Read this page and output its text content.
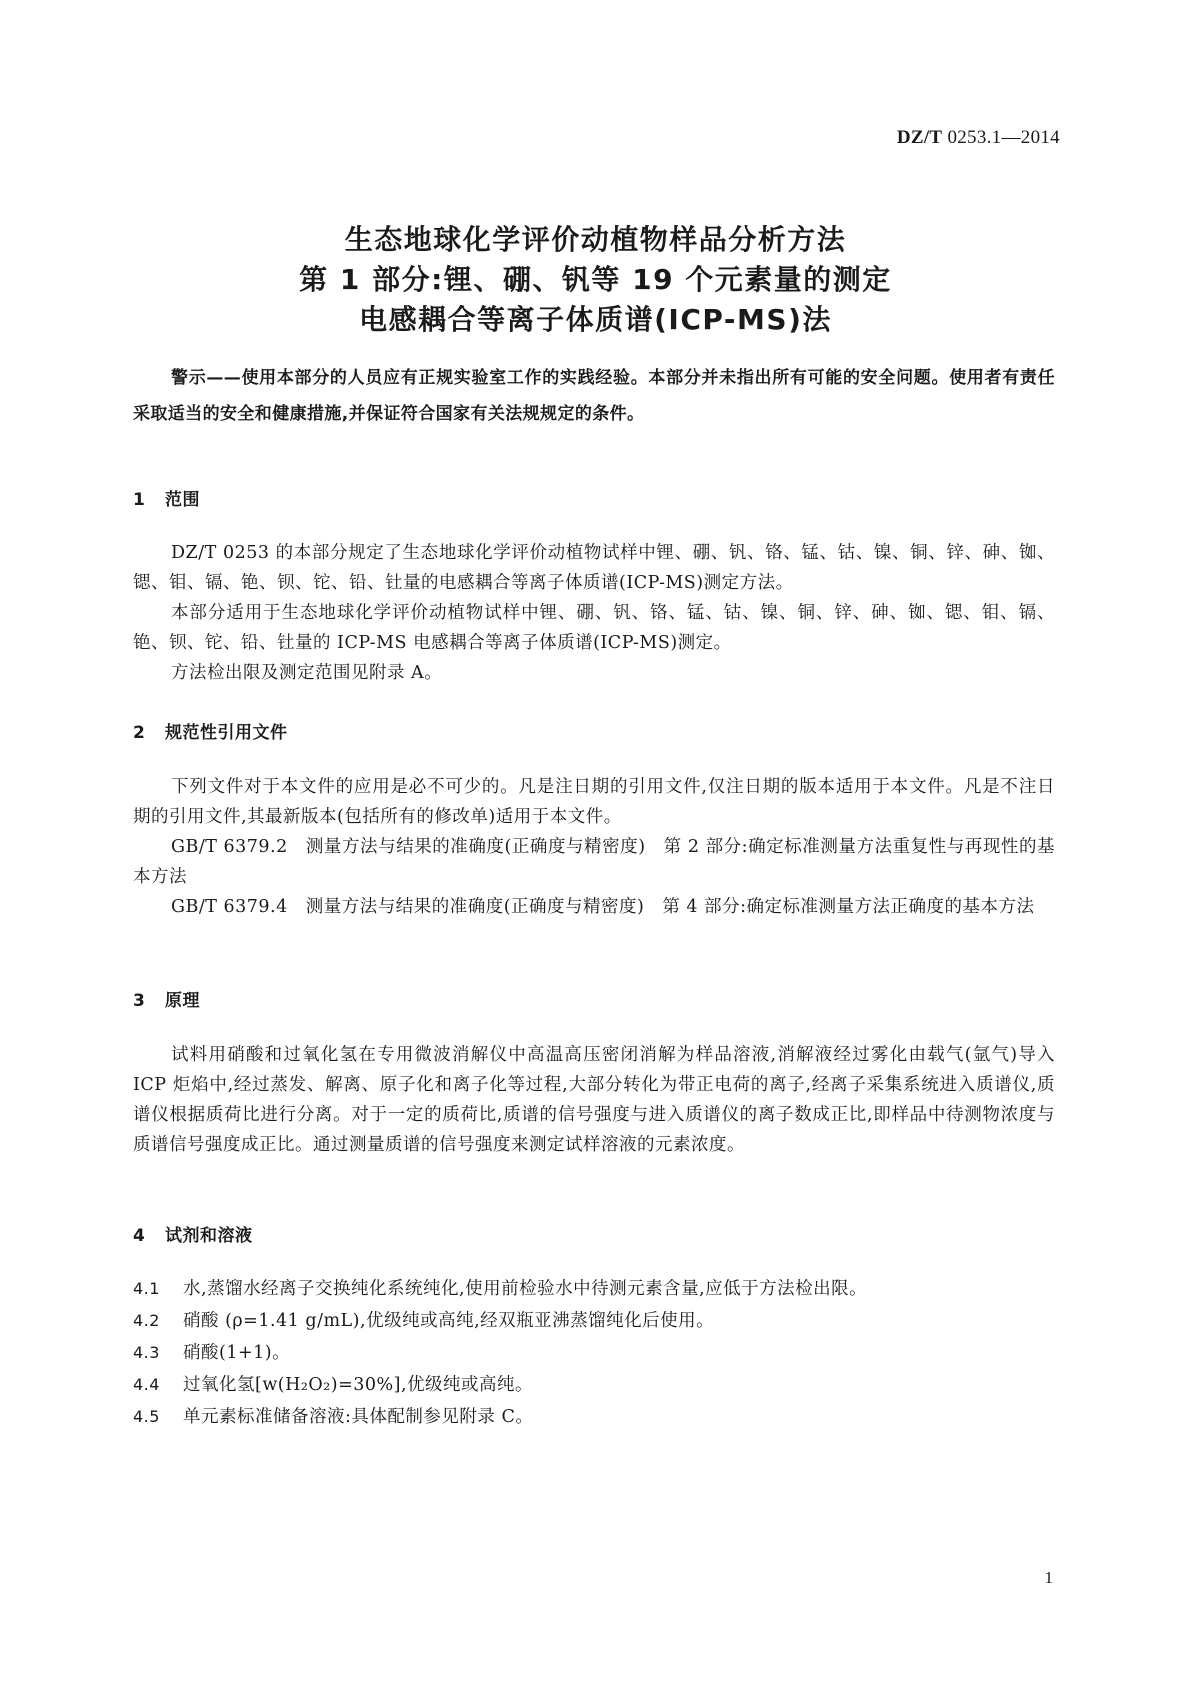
DZ/T 0253.1—2014
生态地球化学评价动植物样品分析方法
第 1 部分:锂、硼、钒等 19 个元素量的测定
电感耦合等离子体质谱(ICP-MS)法
警示——使用本部分的人员应有正规实验室工作的实践经验。本部分并未指出所有可能的安全问题。使用者有责任采取适当的安全和健康措施,并保证符合国家有关法规规定的条件。
1 范围
DZ/T 0253 的本部分规定了生态地球化学评价动植物试样中锂、硼、钒、铬、锰、钴、镍、铜、锌、砷、铷、锶、钼、镉、铯、钡、铊、铅、钍量的电感耦合等离子体质谱(ICP-MS)测定方法。
本部分适用于生态地球化学评价动植物试样中锂、硼、钒、铬、锰、钴、镍、铜、锌、砷、铷、锶、钼、镉、铯、钡、铊、铅、钍量的 ICP-MS 电感耦合等离子体质谱(ICP-MS)测定。
方法检出限及测定范围见附录 A。
2 规范性引用文件
下列文件对于本文件的应用是必不可少的。凡是注日期的引用文件,仅注日期的版本适用于本文件。凡是不注日期的引用文件,其最新版本(包括所有的修改单)适用于本文件。
GB/T 6379.2　测量方法与结果的准确度(正确度与精密度)　第 2 部分:确定标准测量方法重复性与再现性的基本方法
GB/T 6379.4　测量方法与结果的准确度(正确度与精密度)　第 4 部分:确定标准测量方法正确度的基本方法
3 原理
试料用硝酸和过氧化氢在专用微波消解仪中高温高压密闭消解为样品溶液,消解液经过雾化由载气(氩气)导入 ICP 炬焰中,经过蒸发、解离、原子化和离子化等过程,大部分转化为带正电荷的离子,经离子采集系统进入质谱仪,质谱仪根据质荷比进行分离。对于一定的质荷比,质谱的信号强度与进入质谱仪的离子数成正比,即样品中待测物浓度与质谱信号强度成正比。通过测量质谱的信号强度来测定试样溶液的元素浓度。
4 试剂和溶液
4.1 水,蒸馏水经离子交换纯化系统纯化,使用前检验水中待测元素含量,应低于方法检出限。
4.2 硝酸 (ρ=1.41 g/mL),优级纯或高纯,经双瓶亚沸蒸馏纯化后使用。
4.3 硝酸(1+1)。
4.4 过氧化氢[w(H₂O₂)=30%],优级纯或高纯。
4.5 单元素标准储备溶液:具体配制参见附录 C。
1
